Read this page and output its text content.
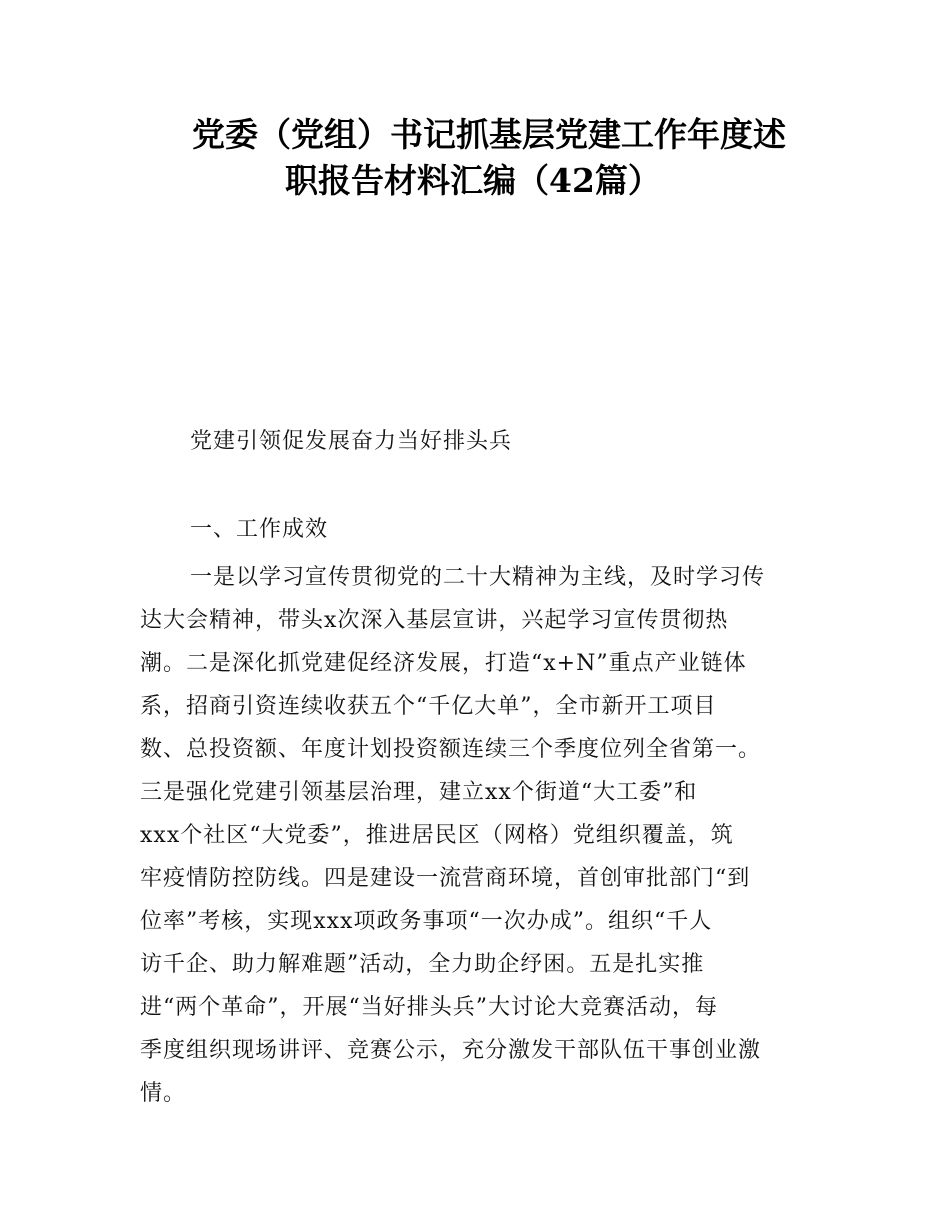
党委（党组）书记抓基层党建工作年度述
职报告材料汇编（42篇）
党建引领促发展奋力当好排头兵
一、工作成效
一是以学习宣传贯彻党的二十大精神为主线，及时学习传
达大会精神，带头x次深入基层宣讲，兴起学习宣传贯彻热
潮。二是深化抓党建促经济发展，打造“x+N”重点产业链体
系，招商引资连续收获五个“千亿大单”，全市新开工项目
数、总投资额、年度计划投资额连续三个季度位列全省第一。
三是强化党建引领基层治理，建立xx个街道“大工委”和
xxx个社区“大党委”，推进居民区（网格）党组织覆盖，筑
牢疫情防控防线。四是建设一流营商环境，首创审批部门“到
位率”考核，实现xxx项政务事项“一次办成”。组织“千人
访千企、助力解难题”活动，全力助企纾困。五是扎实推
进“两个革命”，开展“当好排头兵”大讨论大竞赛活动，每
季度组织现场讲评、竞赛公示，充分激发干部队伍干事创业激
情。
